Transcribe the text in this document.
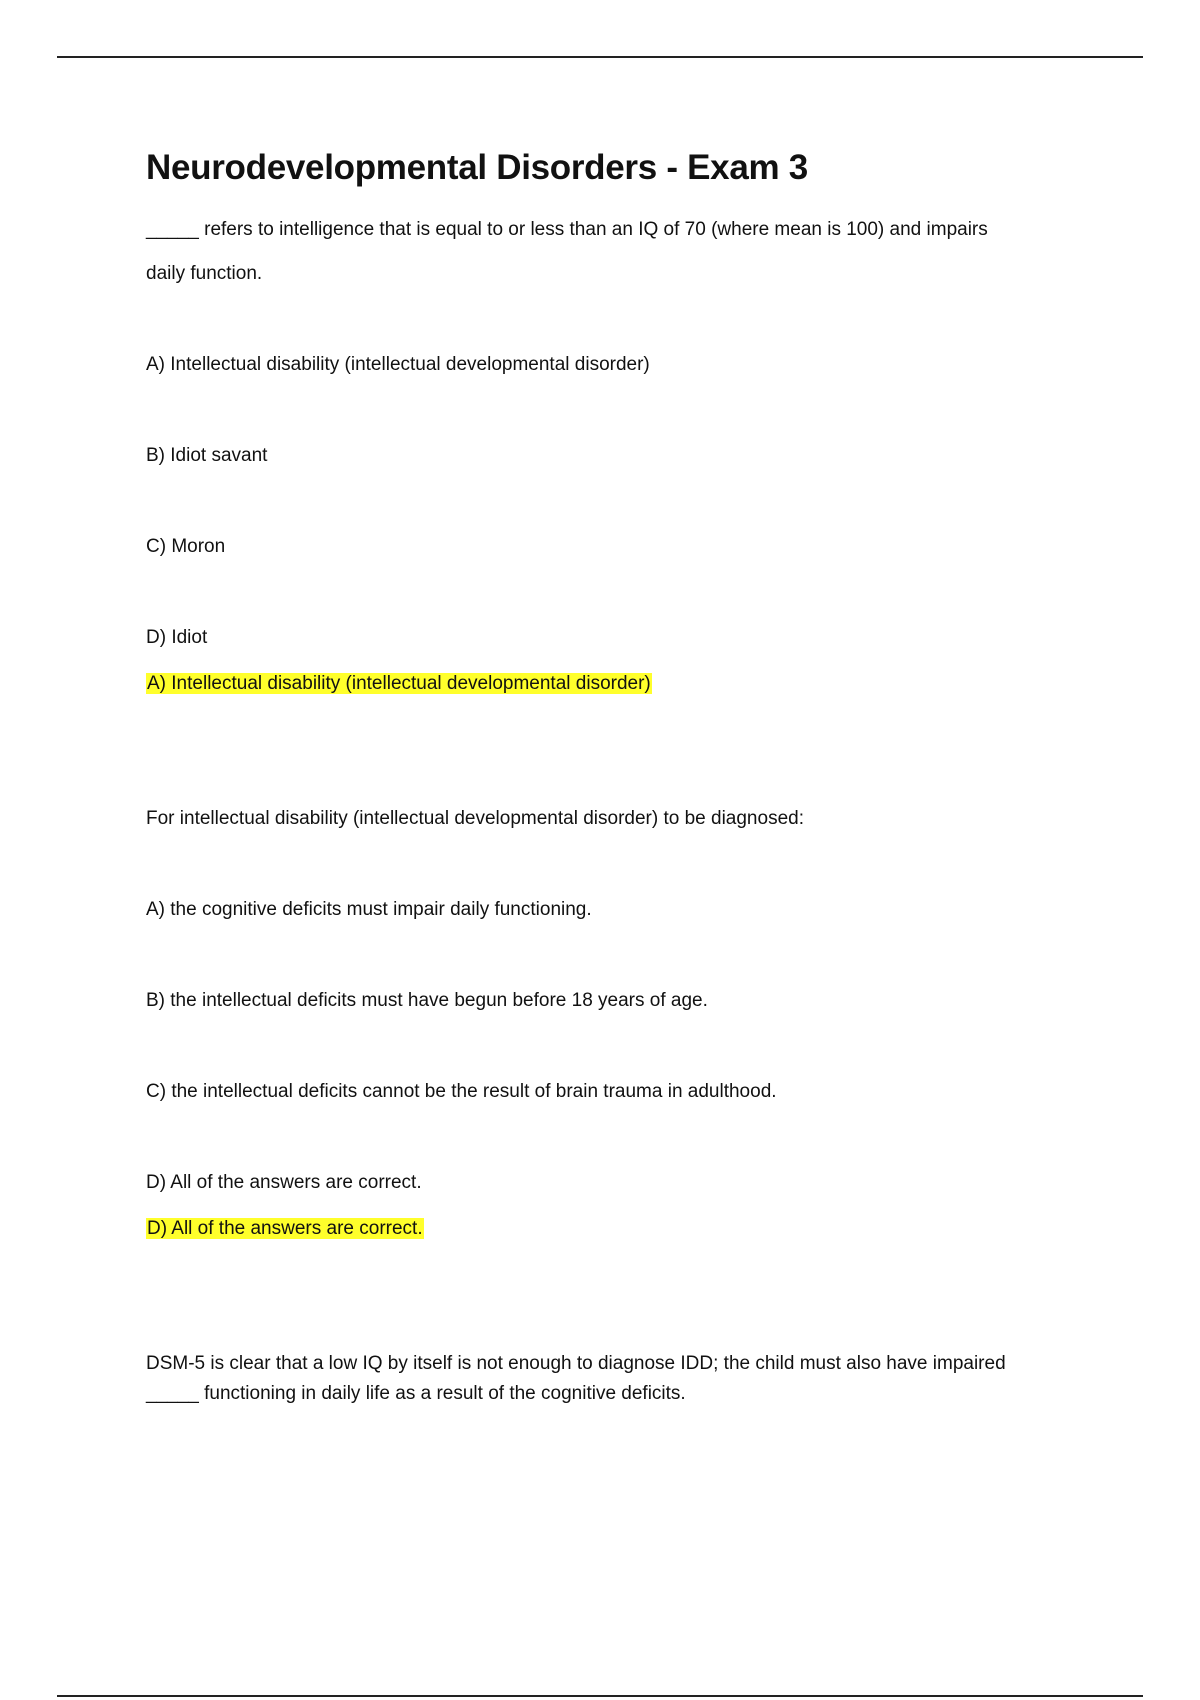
Neurodevelopmental Disorders - Exam 3
_____ refers to intelligence that is equal to or less than an IQ of 70 (where mean is 100) and impairs
daily function.
A) Intellectual disability (intellectual developmental disorder)
B) Idiot savant
C) Moron
D) Idiot
A) Intellectual disability (intellectual developmental disorder)
For intellectual disability (intellectual developmental disorder) to be diagnosed:
A) the cognitive deficits must impair daily functioning.
B) the intellectual deficits must have begun before 18 years of age.
C) the intellectual deficits cannot be the result of brain trauma in adulthood.
D) All of the answers are correct.
D) All of the answers are correct.
DSM-5 is clear that a low IQ by itself is not enough to diagnose IDD; the child must also have impaired
_____ functioning in daily life as a result of the cognitive deficits.
